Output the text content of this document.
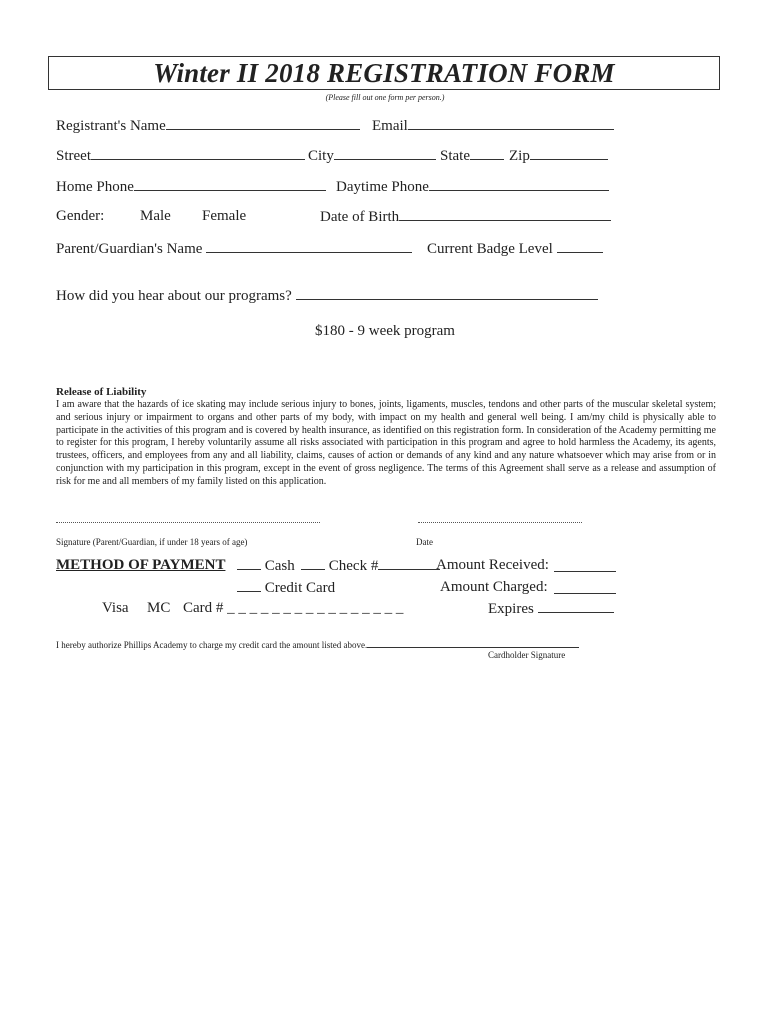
Winter II 2018 REGISTRATION FORM
(Please fill out one form per person.)
Registrant's Name	Email
Street	City	State	Zip
Home Phone	Daytime Phone
Gender: Male Female	Date of Birth
Parent/Guardian's Name	Current Badge Level
How did you hear about our programs?
$180 - 9 week program
Release of Liability
I am aware that the hazards of ice skating may include serious injury to bones, joints, ligaments, muscles, tendons and other parts of the muscular skeletal system; and serious injury or impairment to organs and other parts of my body, with impact on my health and general well being. I am/my child is physically able to participate in the activities of this program and is covered by health insurance, as identified on this registration form. In consideration of the Academy permitting me to register for this program, I hereby voluntarily assume all risks associated with participation in this program and agree to hold harmless the Academy, its agents, trustees, officers, and employees from any and all liability, claims, causes of action or demands of any kind and any nature whatsoever which may arise from or in conjunction with my participation in this program, except in the event of gross negligence. The terms of this Agreement shall serve as a release and assumption of risk for me and all members of my family listed on this application.
Signature (Parent/Guardian, if under 18 years of age)	Date
METHOD OF PAYMENT	Cash	Check #	Amount Received:
Credit Card	Amount Charged:
Visa MC Card # _ _ _ _ _ _ _ _ _ _ _ _ _ _ _ _	Expires
I hereby authorize Phillips Academy to charge my credit card the amount listed above.
Cardholder Signature
